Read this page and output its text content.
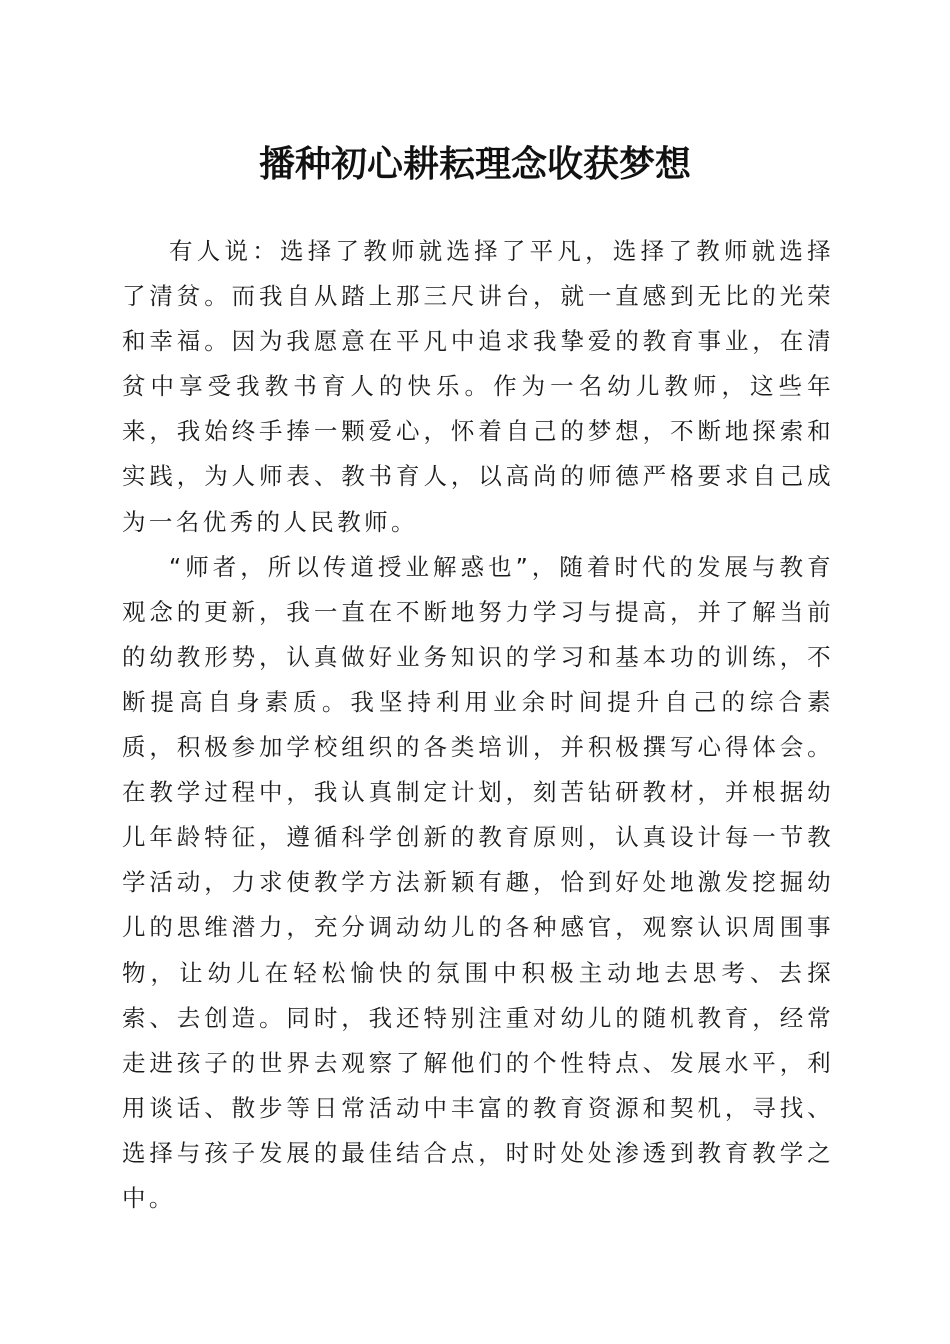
播种初心耕耘理念收获梦想

有人说：选择了教师就选择了平凡，选择了教师就选择了清贫。而我自从踏上那三尺讲台，就一直感到无比的光荣和幸福。因为我愿意在平凡中追求我挚爱的教育事业，在清贫中享受我教书育人的快乐。作为一名幼儿教师，这些年来，我始终手捧一颗爱心，怀着自己的梦想，不断地探索和实践，为人师表、教书育人，以高尚的师德严格要求自己成为一名优秀的人民教师。

“师者，所以传道授业解惑也”，随着时代的发展与教育观念的更新，我一直在不断地努力学习与提高，并了解当前的幼教形势，认真做好业务知识的学习和基本功的训练，不断提高自身素质。我坚持利用业余时间提升自己的综合素质，积极参加学校组织的各类培训，并积极撰写心得体会。在教学过程中，我认真制定计划，刻苦钻研教材，并根据幼儿年龄特征，遵循科学创新的教育原则，认真设计每一节教学活动，力求使教学方法新颖有趣，恰到好处地激发挖掘幼儿的思维潜力，充分调动幼儿的各种感官，观察认识周围事物，让幼儿在轻松愉快的氛围中积极主动地去思考、去探索、去创造。同时，我还特别注重对幼儿的随机教育，经常走进孩子的世界去观察了解他们的个性特点、发展水平，利用谈话、散步等日常活动中丰富的教育资源和契机，寻找、选择与孩子发展的最佳结合点，时时处处渗透到教育教学之中。
